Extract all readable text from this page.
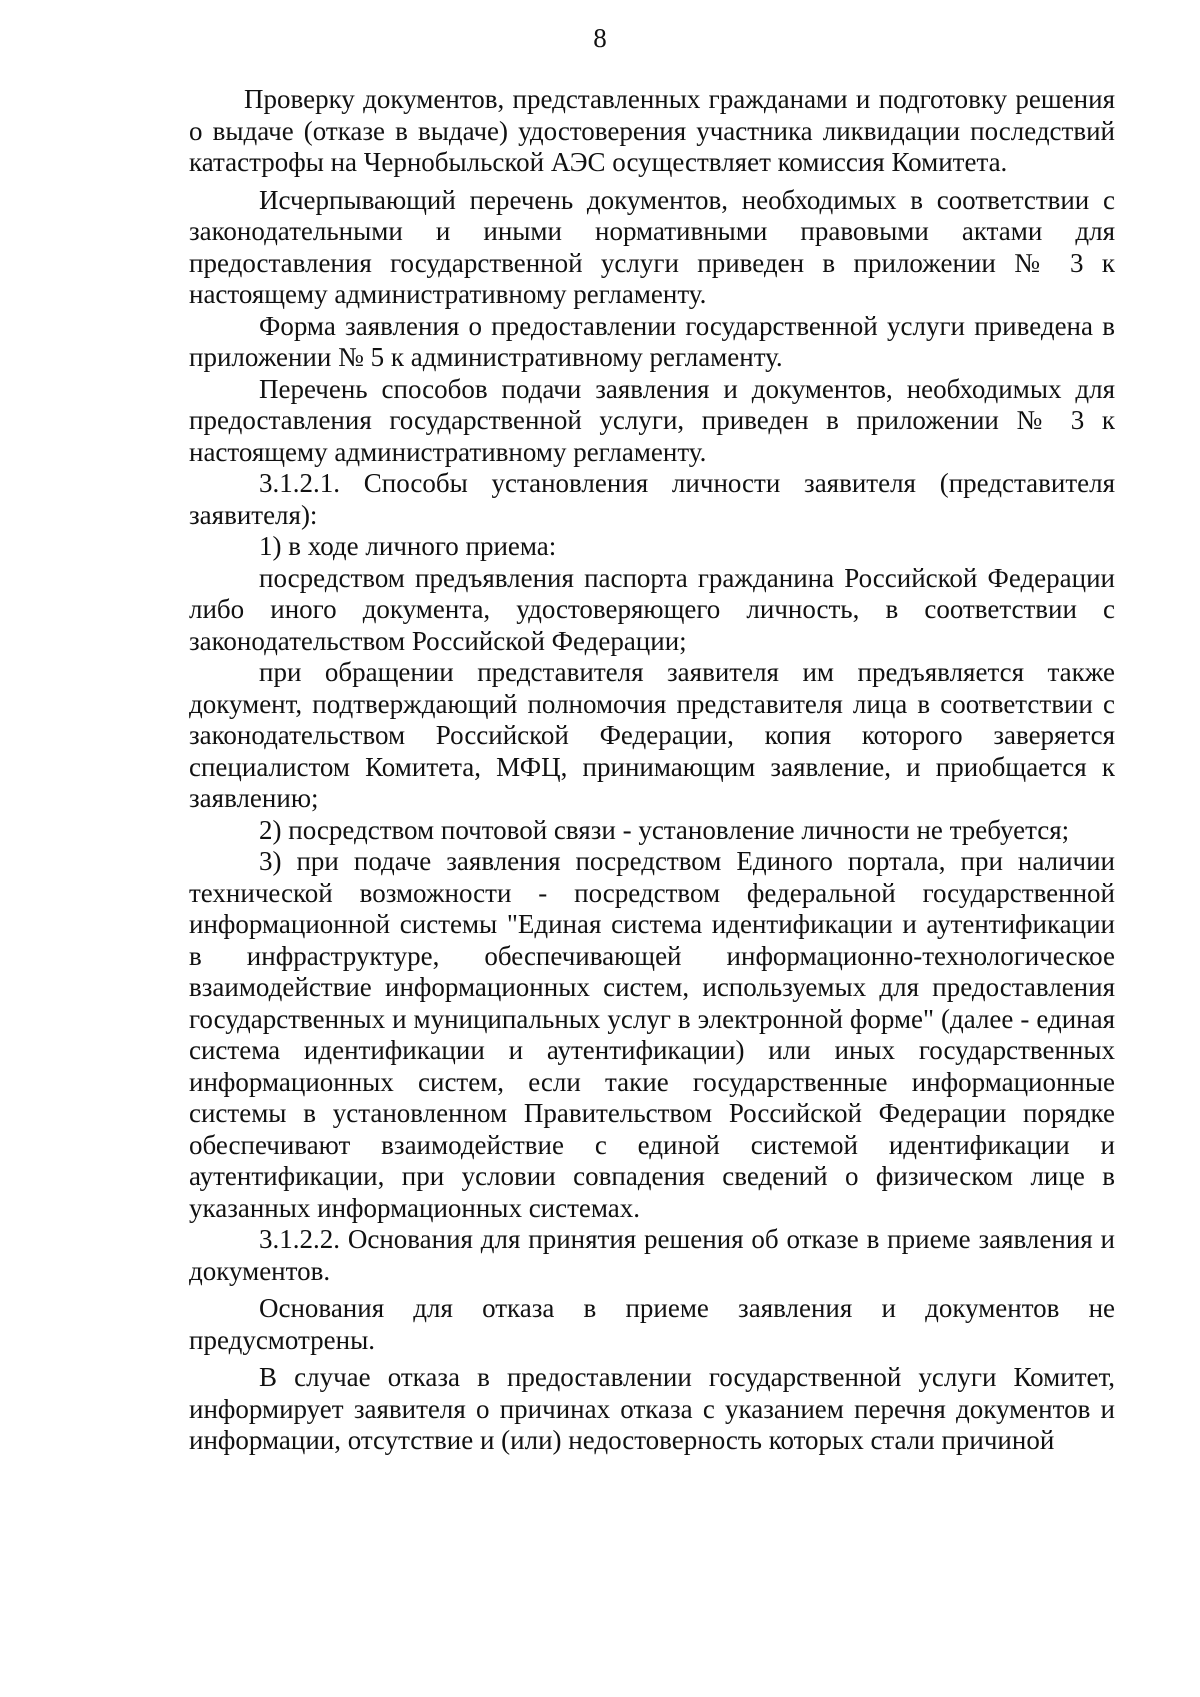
8

Проверку документов, представленных гражданами и подготовку решения о выдаче (отказе в выдаче) удостоверения участника ликвидации последствий катастрофы на Чернобыльской АЭС осуществляет комиссия Комитета.

Исчерпывающий перечень документов, необходимых в соответствии с законодательными и иными нормативными правовыми актами для предоставления государственной услуги приведен в приложении № 3 к настоящему административному регламенту.

Форма заявления о предоставлении государственной услуги приведена в приложении № 5 к административному регламенту.

Перечень способов подачи заявления и документов, необходимых для предоставления государственной услуги, приведен в приложении № 3 к настоящему административному регламенту.

3.1.2.1. Способы установления личности заявителя (представителя заявителя):

1) в ходе личного приема:

посредством предъявления паспорта гражданина Российской Федерации либо иного документа, удостоверяющего личность, в соответствии с законодательством Российской Федерации;

при обращении представителя заявителя им предъявляется также документ, подтверждающий полномочия представителя лица в соответствии с законодательством Российской Федерации, копия которого заверяется специалистом Комитета, МФЦ, принимающим заявление, и приобщается к заявлению;

2) посредством почтовой связи - установление личности не требуется;

3) при подаче заявления посредством Единого портала, при наличии технической возможности - посредством федеральной государственной информационной системы "Единая система идентификации и аутентификации в инфраструктуре, обеспечивающей информационно-технологическое взаимодействие информационных систем, используемых для предоставления государственных и муниципальных услуг в электронной форме" (далее - единая система идентификации и аутентификации) или иных государственных информационных систем, если такие государственные информационные системы в установленном Правительством Российской Федерации порядке обеспечивают взаимодействие с единой системой идентификации и аутентификации, при условии совпадения сведений о физическом лице в указанных информационных системах.

3.1.2.2. Основания для принятия решения об отказе в приеме заявления и документов.

Основания для отказа в приеме заявления и документов не предусмотрены.

В случае отказа в предоставлении государственной услуги Комитет, информирует заявителя о причинах отказа с указанием перечня документов и информации, отсутствие и (или) недостоверность которых стали причиной
